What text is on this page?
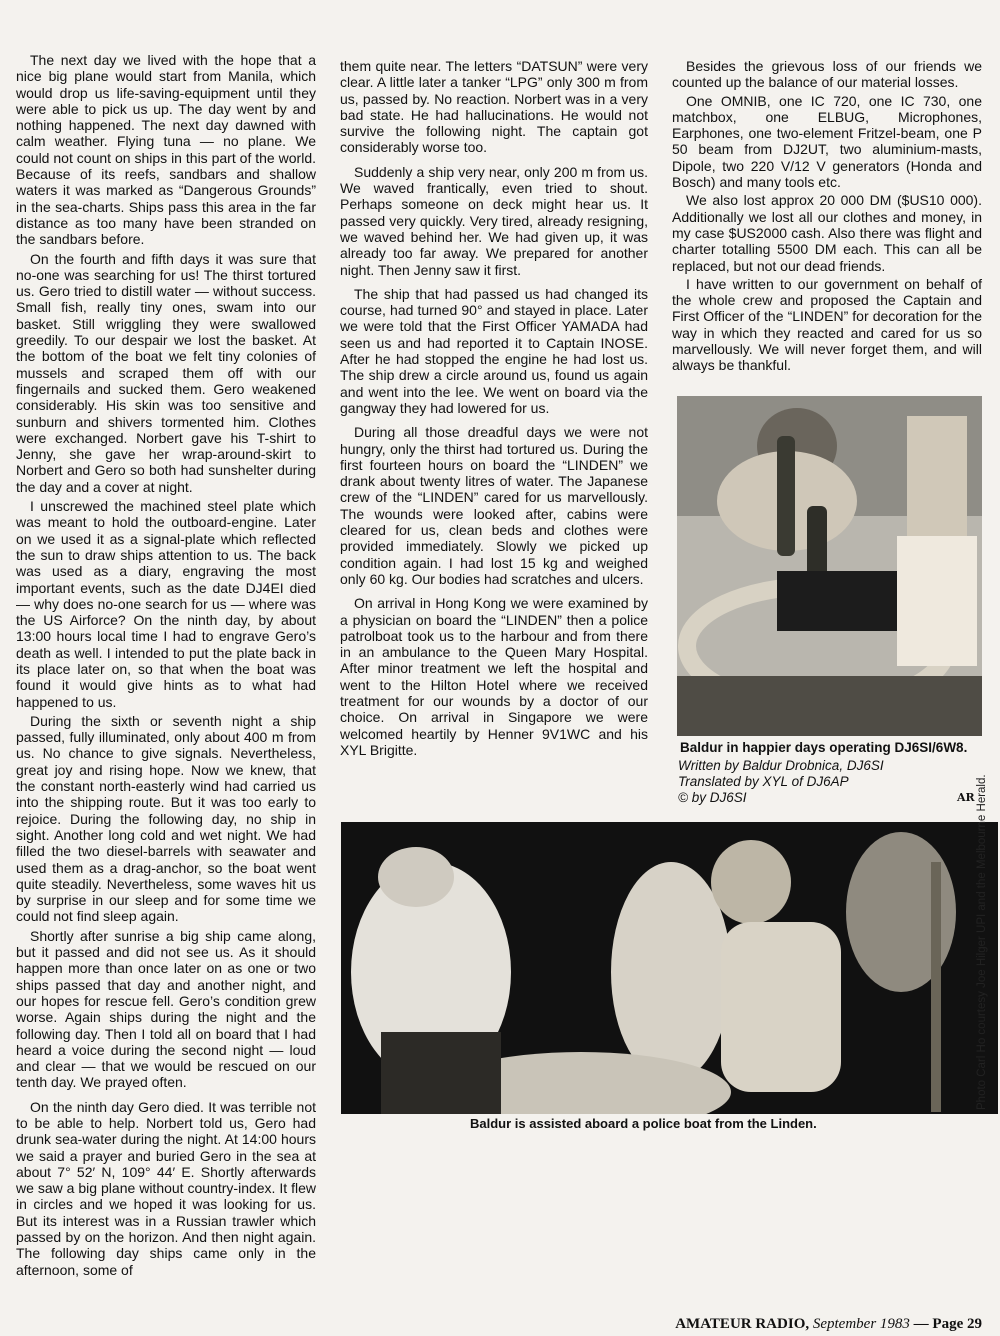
The next day we lived with the hope that a nice big plane would start from Manila, which would drop us life-saving-equipment until they were able to pick us up. The day went by and nothing happened. The next day dawned with calm weather. Flying tuna — no plane. We could not count on ships in this part of the world. Because of its reefs, sandbars and shallow waters it was marked as “Dangerous Grounds” in the sea-charts. Ships pass this area in the far distance as too many have been stranded on the sandbars before.

On the fourth and fifth days it was sure that no-one was searching for us! The thirst tortured us. Gero tried to distill water — without success. Small fish, really tiny ones, swam into our basket. Still wriggling they were swallowed greedily. To our despair we lost the basket. At the bottom of the boat we felt tiny colonies of mussels and scraped them off with our fingernails and sucked them. Gero weakened considerably. His skin was too sensitive and sunburn and shivers tormented him. Clothes were exchanged. Norbert gave his T-shirt to Jenny, she gave her wrap-around-skirt to Norbert and Gero so both had sunshelter during the day and a cover at night.

I unscrewed the machined steel plate which was meant to hold the outboard-engine. Later on we used it as a signal-plate which reflected the sun to draw ships attention to us. The back was used as a diary, engraving the most important events, such as the date DJ4EI died — why does no-one search for us — where was the US Airforce? On the ninth day, by about 13:00 hours local time I had to engrave Gero’s death as well. I intended to put the plate back in its place later on, so that when the boat was found it would give hints as to what had happened to us.

During the sixth or seventh night a ship passed, fully illuminated, only about 400 m from us. No chance to give signals. Nevertheless, great joy and rising hope. Now we knew, that the constant north-easterly wind had carried us into the shipping route. But it was too early to rejoice. During the following day, no ship in sight. Another long cold and wet night. We had filled the two diesel-barrels with seawater and used them as a drag-anchor, so the boat went quite steadily. Nevertheless, some waves hit us by surprise in our sleep and for some time we could not find sleep again.

Shortly after sunrise a big ship came along, but it passed and did not see us. As it should happen more than once later on as one or two ships passed that day and another night, and our hopes for rescue fell. Gero’s condition grew worse. Again ships during the night and the following day. Then I told all on board that I had heard a voice during the second night — loud and clear — that we would be rescued on our tenth day. We prayed often.

On the ninth day Gero died. It was terrible not to be able to help. Norbert told us, Gero had drunk sea-water during the night. At 14:00 hours we said a prayer and buried Gero in the sea at about 7° 52′ N, 109° 44′ E. Shortly afterwards we saw a big plane without country-index. It flew in circles and we hoped it was looking for us. But its interest was in a Russian trawler which passed by on the horizon. And then night again. The following day ships came only in the afternoon, some of

them quite near. The letters “DATSUN” were very clear. A little later a tanker “LPG” only 300 m from us, passed by. No reaction. Norbert was in a very bad state. He had hallucinations. He would not survive the following night. The captain got considerably worse too.

Suddenly a ship very near, only 200 m from us. We waved frantically, even tried to shout. Perhaps someone on deck might hear us. It passed very quickly. Very tired, already resigning, we waved behind her. We had given up, it was already too far away. We prepared for another night. Then Jenny saw it first.

The ship that had passed us had changed its course, had turned 90° and stayed in place. Later we were told that the First Officer YAMADA had seen us and had reported it to Captain INOSE. After he had stopped the engine he had lost us. The ship drew a circle around us, found us again and went into the lee. We went on board via the gangway they had lowered for us.

During all those dreadful days we were not hungry, only the thirst had tortured us. During the first fourteen hours on board the “LINDEN” we drank about twenty litres of water. The Japanese crew of the “LINDEN” cared for us marvellously. The wounds were looked after, cabins were cleared for us, clean beds and clothes were provided immediately. Slowly we picked up condition again. I had lost 15 kg and weighed only 60 kg. Our bodies had scratches and ulcers.

On arrival in Hong Kong we were examined by a physician on board the “LINDEN” then a police patrolboat took us to the harbour and from there in an ambulance to the Queen Mary Hospital. After minor treatment we left the hospital and went to the Hilton Hotel where we received treatment for our wounds by a doctor of our choice. On arrival in Singapore we were welcomed heartily by Henner 9V1WC and his XYL Brigitte.

Besides the grievous loss of our friends we counted up the balance of our material losses.

One OMNIB, one IC 720, one IC 730, one matchbox, one ELBUG, Microphones, Earphones, one two-element Fritzel-beam, one P 50 beam from DJ2UT, two aluminium-masts, Dipole, two 220 V/12 V generators (Honda and Bosch) and many tools etc.

We also lost approx 20 000 DM ($US10 000). Additionally we lost all our clothes and money, in my case $US2000 cash. Also there was flight and charter totalling 5500 DM each. This can all be replaced, but not our dead friends.

I have written to our government on behalf of the whole crew and proposed the Captain and First Officer of the “LINDEN” for decoration for the way in which they reacted and cared for us so marvellously. We will never forget them, and will always be thankful.

Baldur in happier days operating DJ6SI/6W8.
Written by Baldur Drobnica, DJ6SI
Translated by XYL of DJ6AP
© by DJ6SI	AR
Baldur is assisted aboard a police boat from the Linden.
Photo Carl Ho courtesy Joe Hilger UPI and the Melbourne Herald.
AMATEUR RADIO, September 1983 — Page 29
